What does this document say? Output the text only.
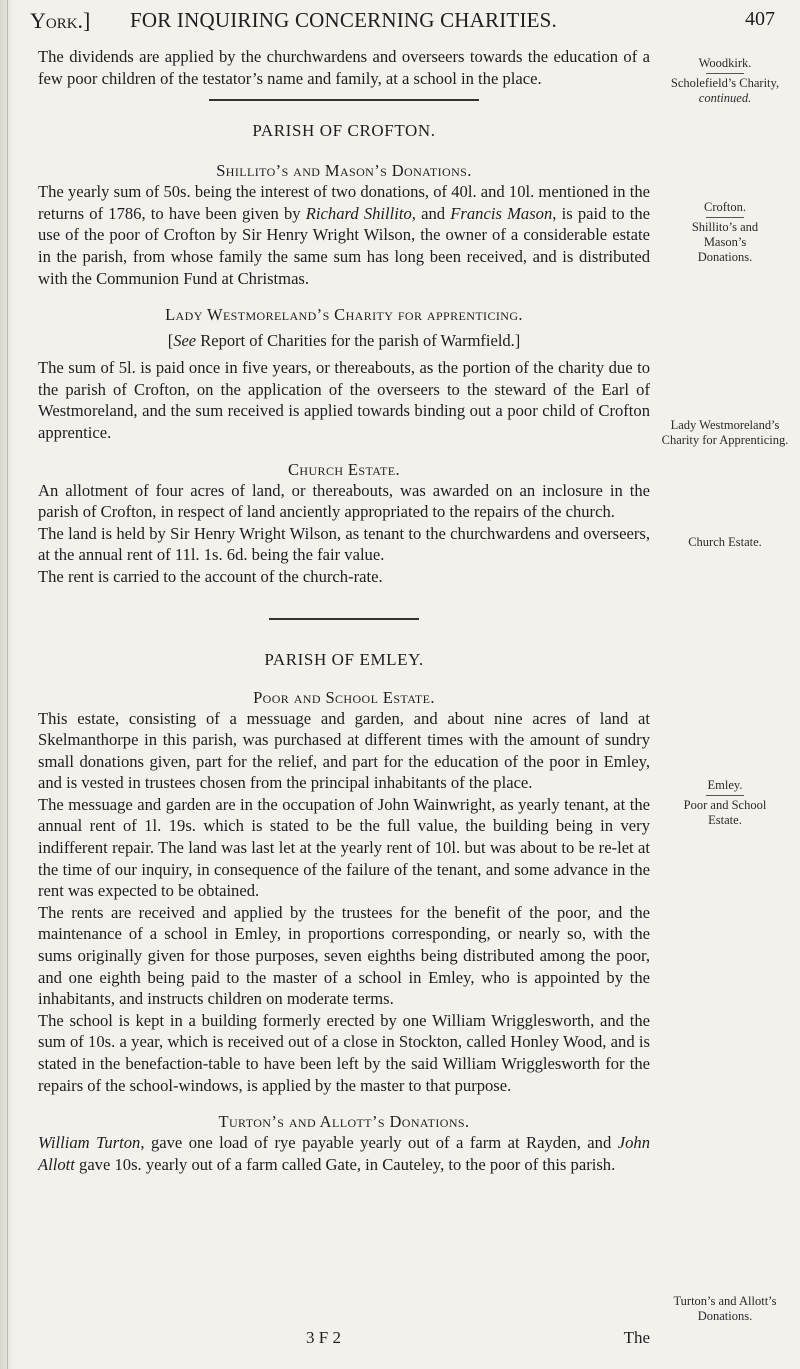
York.] FOR INQUIRING CONCERNING CHARITIES.	407

The dividends are applied by the churchwardens and overseers towards the education of a few poor children of the testator’s name and family, at a school in the place.

PARISH OF CROFTON.
Shillito’s and Mason’s Donations.

The yearly sum of 50s. being the interest of two donations, of 40l. and 10l. mentioned in the returns of 1786, to have been given by Richard Shillito, and Francis Mason, is paid to the use of the poor of Crofton by Sir Henry Wright Wilson, the owner of a considerable estate in the parish, from whose family the same sum has long been received, and is distributed with the Communion Fund at Christmas.

Lady Westmoreland’s Charity for apprenticing.
[See Report of Charities for the parish of Warmfield.]

The sum of 5l. is paid once in five years, or thereabouts, as the portion of the charity due to the parish of Crofton, on the application of the overseers to the steward of the Earl of Westmoreland, and the sum received is applied towards binding out a poor child of Crofton apprentice.

Church Estate.

An allotment of four acres of land, or thereabouts, was awarded on an inclosure in the parish of Crofton, in respect of land anciently appropriated to the repairs of the church.

The land is held by Sir Henry Wright Wilson, as tenant to the churchwardens and overseers, at the annual rent of 11l. 1s. 6d. being the fair value.

The rent is carried to the account of the church-rate.

PARISH OF EMLEY.
Poor and School Estate.

This estate, consisting of a messuage and garden, and about nine acres of land at Skelmanthorpe in this parish, was purchased at different times with the amount of sundry small donations given, part for the relief, and part for the education of the poor in Emley, and is vested in trustees chosen from the principal inhabitants of the place.

The messuage and garden are in the occupation of John Wainwright, as yearly tenant, at the annual rent of 1l. 19s. which is stated to be the full value, the building being in very indifferent repair. The land was last let at the yearly rent of 10l. but was about to be re-let at the time of our inquiry, in consequence of the failure of the tenant, and some advance in the rent was expected to be obtained.

The rents are received and applied by the trustees for the benefit of the poor, and the maintenance of a school in Emley, in proportions corresponding, or nearly so, with the sums originally given for those purposes, seven eighths being distributed among the poor, and one eighth being paid to the master of a school in Emley, who is appointed by the inhabitants, and instructs children on moderate terms.

The school is kept in a building formerly erected by one William Wrigglesworth, and the sum of 10s. a year, which is received out of a close in Stockton, called Honley Wood, and is stated in the benefaction-table to have been left by the said William Wrigglesworth for the repairs of the school-windows, is applied by the master to that purpose.

Turton’s and Allott’s Donations.

William Turton, gave one load of rye payable yearly out of a farm at Rayden, and John Allott gave 10s. yearly out of a farm called Gate, in Cauteley, to the poor of this parish.

Woodkirk.
Scholefield’s Charity,
continued.
Crofton.
Shillito’s and Mason’s Donations.
Lady Westmoreland’s Charity for Apprenticing.
Church Estate.
Emley.
Poor and School Estate.
Turton’s and Allott’s Donations.
3 F 2	The
